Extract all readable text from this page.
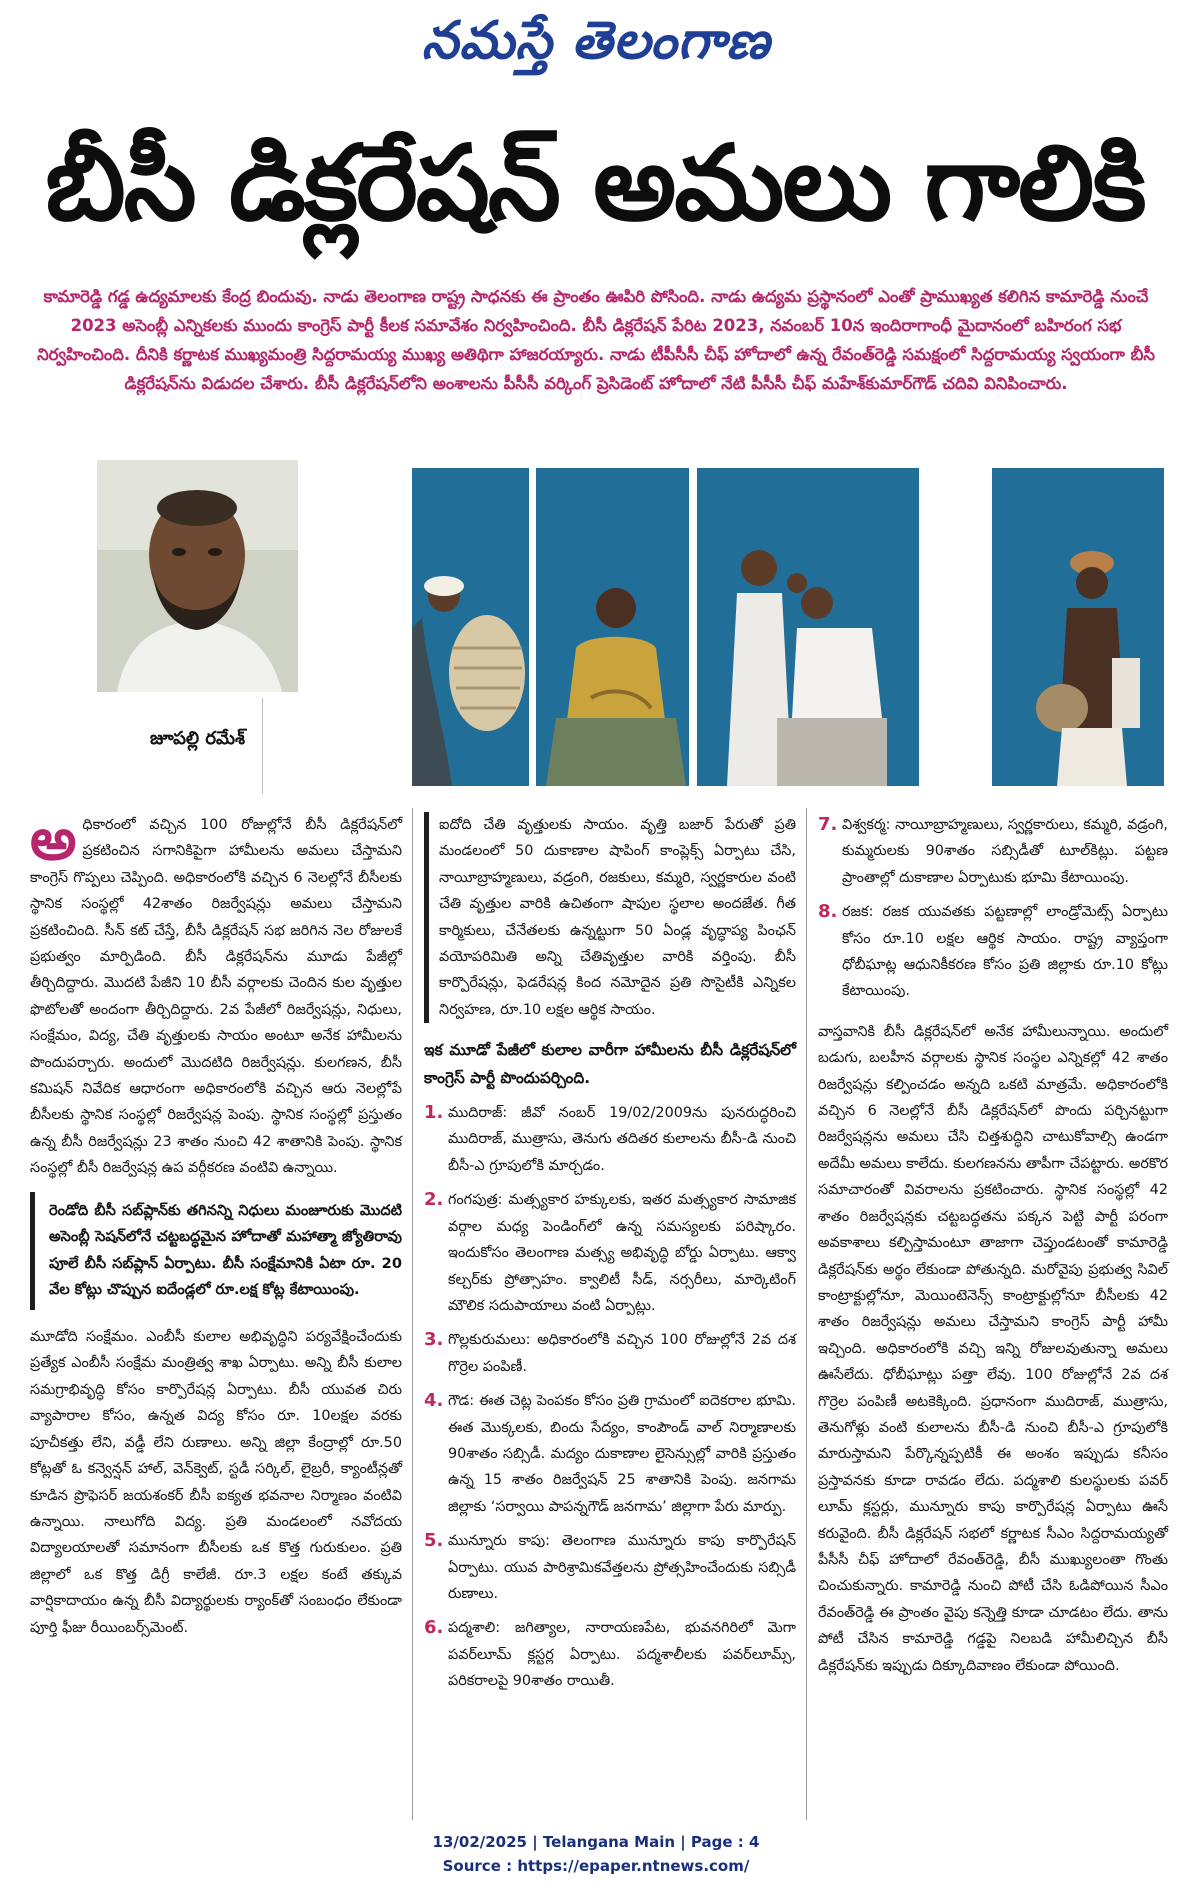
నమస్తే తెలంగాణ
బీసీ డిక్లరేషన్‌ అమలు గాలికి
కామారెడ్డి గడ్డ ఉద్యమాలకు కేంద్ర బిందువు. నాడు తెలంగాణ రాష్ట్ర సాధనకు ఈ ప్రాంతం ఊపిరి పోసింది. నాడు ఉద్యమ ప్రస్థానంలో ఎంతో ప్రాముఖ్యత కలిగిన కామారెడ్డి నుంచే 2023 అసెంబ్లీ ఎన్నికలకు ముందు కాంగ్రెస్‌ పార్టీ కీలక సమావేశం నిర్వహించింది. బీసీ డిక్లరేషన్‌ పేరిట 2023, నవంబర్‌ 10న ఇందిరాగాంధీ మైదానంలో బహిరంగ సభ నిర్వహించింది. దీనికి కర్ణాటక ముఖ్యమంత్రి సిద్దరామయ్య ముఖ్య అతిథిగా హాజరయ్యారు. నాడు టీపీసీసీ చీఫ్‌ హోదాలో ఉన్న రేవంత్‌రెడ్డి సమక్షంలో సిద్దరామయ్య స్వయంగా బీసీ డిక్లరేషన్‌ను విడుదల చేశారు. బీసీ డిక్లరేషన్‌లోని అంశాలను పీసీసీ వర్కింగ్‌ ప్రెసిడెంట్‌ హోదాలో నేటి పీసీసీ చీఫ్‌ మహేశ్‌కుమార్‌గౌడ్‌ చదివి వినిపించారు.
జూపల్లి రమేశ్‌

అధికారంలో వచ్చిన 100 రోజుల్లోనే బీసీ డిక్లరేషన్‌లో ప్రకటించిన సగానికిపైగా హామీలను అమలు చేస్తామని కాంగ్రెస్‌ గొప్పలు చెప్పింది. అధికారంలోకి వచ్చిన 6 నెలల్లోనే బీసీలకు స్థానిక సంస్థల్లో 42శాతం రిజర్వేషన్లు అమలు చేస్తామని ప్రకటించింది. సీన్‌ కట్‌ చేస్తే, బీసీ డిక్లరేషన్‌ సభ జరిగిన నెల రోజులకే ప్రభుత్వం మార్పిడింది. బీసీ డిక్లరేషన్‌ను మూడు పేజీల్లో తీర్చిదిద్దారు. మొదటి పేజీని 10 బీసీ వర్గాలకు చెందిన కుల వృత్తుల ఫొటోలతో అందంగా తీర్చిదిద్దారు. 2వ పేజీలో రిజర్వేషన్లు, నిధులు, సంక్షేమం, విద్య, చేతి వృత్తులకు సాయం అంటూ అనేక హామీలను పొందుపర్చారు. అందులో మొదటిది రిజర్వేషన్లు. కులగణన, బీసీ కమిషన్‌ నివేదిక ఆధారంగా అధికారంలోకి వచ్చిన ఆరు నెలల్లోపే బీసీలకు స్థానిక సంస్థల్లో రిజర్వేషన్ల పెంపు. స్థానిక సంస్థల్లో ప్రస్తుతం ఉన్న బీసీ రిజర్వేషన్లు 23 శాతం నుంచి 42 శాతానికి పెంపు. స్థానిక సంస్థల్లో బీసీ రిజర్వేషన్ల ఉప వర్గీకరణ వంటివి ఉన్నాయి.

రెండోది బీసీ సబ్‌ప్లాన్‌కు తగినన్ని నిధులు మంజూరుకు మొదటి అసెంబ్లీ సెషన్‌లోనే చట్టబద్ధమైన హోదాతో మహాత్మా జ్యోతిరావు పూలే బీసీ సబ్‌ప్లాన్‌ ఏర్పాటు. బీసీ సంక్షేమానికి ఏటా రూ. 20 వేల కోట్లు చొప్పున ఐదేండ్లలో రూ.లక్ష కోట్ల కేటాయింపు.

మూడోది సంక్షేమం. ఎంబీసీ కులాల అభివృద్ధిని పర్యవేక్షించేందుకు ప్రత్యేక ఎంబీసీ సంక్షేమ మంత్రిత్వ శాఖ ఏర్పాటు. అన్ని బీసీ కులాల సమగ్రాభివృద్ధి కోసం కార్పొరేషన్ల ఏర్పాటు. బీసీ యువత చిరు వ్యాపారాల కోసం, ఉన్నత విద్య కోసం రూ. 10లక్షల వరకు పూచీకత్తు లేని, వడ్డీ లేని రుణాలు. అన్ని జిల్లా కేంద్రాల్లో రూ.50 కోట్లతో ఓ కన్వెన్షన్‌ హాల్‌, వెన్‌క్వెట్‌, స్టడీ సర్కిల్‌, లైబ్రరీ, క్యాంటీన్లతో కూడిన ప్రొఫెసర్‌ జయశంకర్‌ బీసీ ఐక్యత భవనాల నిర్మాణం వంటివి ఉన్నాయి. నాలుగోది విద్య. ప్రతి మండలంలో నవోదయ విద్యాలయాలతో సమానంగా బీసీలకు ఒక కొత్త గురుకులం. ప్రతి జిల్లాలో ఒక కొత్త డిగ్రీ కాలేజీ. రూ.3 లక్షల కంటే తక్కువ వార్షికాదాయం ఉన్న బీసీ విద్యార్థులకు ర్యాంక్‌తో సంబంధం లేకుండా పూర్తి ఫీజు రీయింబర్స్‌మెంట్‌.

ఐదోది చేతి వృత్తులకు సాయం. వృత్తి బజార్‌ పేరుతో ప్రతి మండలంలో 50 దుకాణాల షాపింగ్‌ కాంప్లెక్స్‌ ఏర్పాటు చేసి, నాయీబ్రాహ్మణులు, వడ్రంగి, రజకులు, కమ్మరి, స్వర్ణకారుల వంటి చేతి వృత్తుల వారికి ఉచితంగా షాపుల స్థలాల అందజేత. గీత కార్మికులు, చేనేతలకు ఉన్నట్టుగా 50 ఏండ్ల వృద్ధాప్య పింఛన్‌ వయోపరిమితి అన్ని చేతివృత్తుల వారికి వర్తింపు. బీసీ కార్పొరేషన్లు, ఫెడరేషన్ల కింద నమోదైన ప్రతి సొసైటీకి ఎన్నికల నిర్వహణ, రూ.10 లక్షల ఆర్థిక సాయం.

ఇక మూడో పేజీలో కులాల వారీగా హామీలను బీసీ డిక్లరేషన్‌లో కాంగ్రెస్‌ పార్టీ పొందుపర్చింది.
1. ముదిరాజ్‌: జీవో నంబర్‌ 19/02/2009ను పునరుద్ధరించి ముదిరాజ్‌, ముత్రాసు, తెనుగు తదితర కులాలను బీసీ-డి నుంచి బీసీ-ఎ గ్రూపులోకి మార్చడం.
2. గంగపుత్ర: మత్స్యకార హక్కులకు, ఇతర మత్స్యకార సామాజిక వర్గాల మధ్య పెండింగ్‌లో ఉన్న సమస్యలకు పరిష్కారం. ఇందుకోసం తెలంగాణ మత్స్య అభివృద్ధి బోర్డు ఏర్పాటు. ఆక్వా కల్చర్‌కు ప్రోత్సాహం. క్వాలిటీ సీడ్‌, నర్సరీలు, మార్కెటింగ్‌ మౌలిక సదుపాయాలు వంటి ఏర్పాట్లు.
3. గొల్లకురుమలు: అధికారంలోకి వచ్చిన 100 రోజుల్లోనే 2వ దశ గొర్రెల పంపిణీ.
4. గౌడ: ఈత చెట్ల పెంపకం కోసం ప్రతి గ్రామంలో ఐదెకరాల భూమి. ఈత మొక్కలకు, బిందు సేద్యం, కాంపౌండ్‌ వాల్‌ నిర్మాణాలకు 90శాతం సబ్సిడీ. మద్యం దుకాణాల లైసెన్సుల్లో వారికి ప్రస్తుతం ఉన్న 15 శాతం రిజర్వేషన్‌ 25 శాతానికి పెంపు. జనగామ జిల్లాకు ‘సర్వాయి పాపన్నగౌడ్‌ జనగామ’ జిల్లాగా పేరు మార్పు.
5. మున్నూరు కాపు: తెలంగాణ మున్నూరు కాపు కార్పొరేషన్‌ ఏర్పాటు. యువ పారిశ్రామికవేత్తలను ప్రోత్సహించేందుకు సబ్సిడీ రుణాలు.
6. పద్మశాలి: జగిత్యాల, నారాయణపేట, భువనగిరిలో మెగా పవర్‌లూమ్‌ క్లస్టర్ల ఏర్పాటు. పద్మశాలీలకు పవర్‌లూమ్స్‌, పరికరాలపై 90శాతం రాయితీ.
7. విశ్వకర్మ: నాయీబ్రాహ్మణులు, స్వర్ణకారులు, కమ్మరి, వడ్రంగి, కుమ్మరులకు 90శాతం సబ్సిడీతో టూల్‌కిట్లు. పట్టణ ప్రాంతాల్లో దుకాణాల ఏర్పాటుకు భూమి కేటాయింపు.
8. రజక: రజక యువతకు పట్టణాల్లో లాండ్రోమెట్స్‌ ఏర్పాటు కోసం రూ.10 లక్షల ఆర్థిక సాయం. రాష్ట్ర వ్యాప్తంగా ధోబీఘాట్ల ఆధునికీకరణ కోసం ప్రతి జిల్లాకు రూ.10 కోట్లు కేటాయింపు.

వాస్తవానికి బీసీ డిక్లరేషన్‌లో అనేక హామీలున్నాయి. అందులో బడుగు, బలహీన వర్గాలకు స్థానిక సంస్థల ఎన్నికల్లో 42 శాతం రిజర్వేషన్లు కల్పించడం అన్నది ఒకటి మాత్రమే. అధికారంలోకి వచ్చిన 6 నెలల్లోనే బీసీ డిక్లరేషన్‌లో పొందు పర్చినట్టుగా రిజర్వేషన్లను అమలు చేసి చిత్తశుద్ధిని చాటుకోవాల్సి ఉండగా అదేమీ అమలు కాలేదు. కులగణనను తాపీగా చేపట్టారు. అరకొర సమాచారంతో వివరాలను ప్రకటించారు. స్థానిక సంస్థల్లో 42 శాతం రిజర్వేషన్లకు చట్టబద్ధతను పక్కన పెట్టి పార్టీ పరంగా అవకాశాలు కల్పిస్తామంటూ తాజాగా చెప్తుండటంతో కామారెడ్డి డిక్లరేషన్‌కు అర్థం లేకుండా పోతున్నది. మరోవైపు ప్రభుత్వ సివిల్‌ కాంట్రాక్టుల్లోనూ, మెయింటెనెన్స్‌ కాంట్రాక్టుల్లోనూ బీసీలకు 42 శాతం రిజర్వేషన్లు అమలు చేస్తామని కాంగ్రెస్‌ పార్టీ హామీ ఇచ్చింది. అధికారంలోకి వచ్చి ఇన్ని రోజులవుతున్నా అమలు ఊసేలేదు. ధోబీఘాట్లు పత్తా లేవు. 100 రోజుల్లోనే 2వ దశ గొర్రెల పంపిణీ అటకెక్కింది. ప్రధానంగా ముదిరాజ్‌, ముత్రాసు, తెనుగోళ్లు వంటి కులాలను బీసీ-డి నుంచి బీసీ-ఎ గ్రూపులోకి మారుస్తామని పేర్కొన్నప్పటికీ ఈ అంశం ఇప్పుడు కనీసం ప్రస్తావనకు కూడా రావడం లేదు. పద్మశాలి కులస్థులకు పవర్‌ లూమ్‌ క్లస్టర్లు, మున్నూరు కాపు కార్పొరేషన్ల ఏర్పాటు ఊసే కరువైంది. బీసీ డిక్లరేషన్‌ సభలో కర్ణాటక సీఎం సిద్దరామయ్యతో పీసీసీ చీఫ్‌ హోదాలో రేవంత్‌రెడ్డి, బీసీ ముఖ్యులంతా గొంతు చించుకున్నారు. కామారెడ్డి నుంచి పోటీ చేసి ఓడిపోయిన సీఎం రేవంత్‌రెడ్డి ఈ ప్రాంతం వైపు కన్నెత్తి కూడా చూడటం లేదు. తాను పోటీ చేసిన కామారెడ్డి గడ్డపై నిలబడి హామీలిచ్చిన బీసీ డిక్లరేషన్‌కు ఇప్పుడు దిక్కూదివాణం లేకుండా పోయింది.

13/02/2025 | Telangana Main | Page : 4
Source : https://epaper.ntnews.com/
